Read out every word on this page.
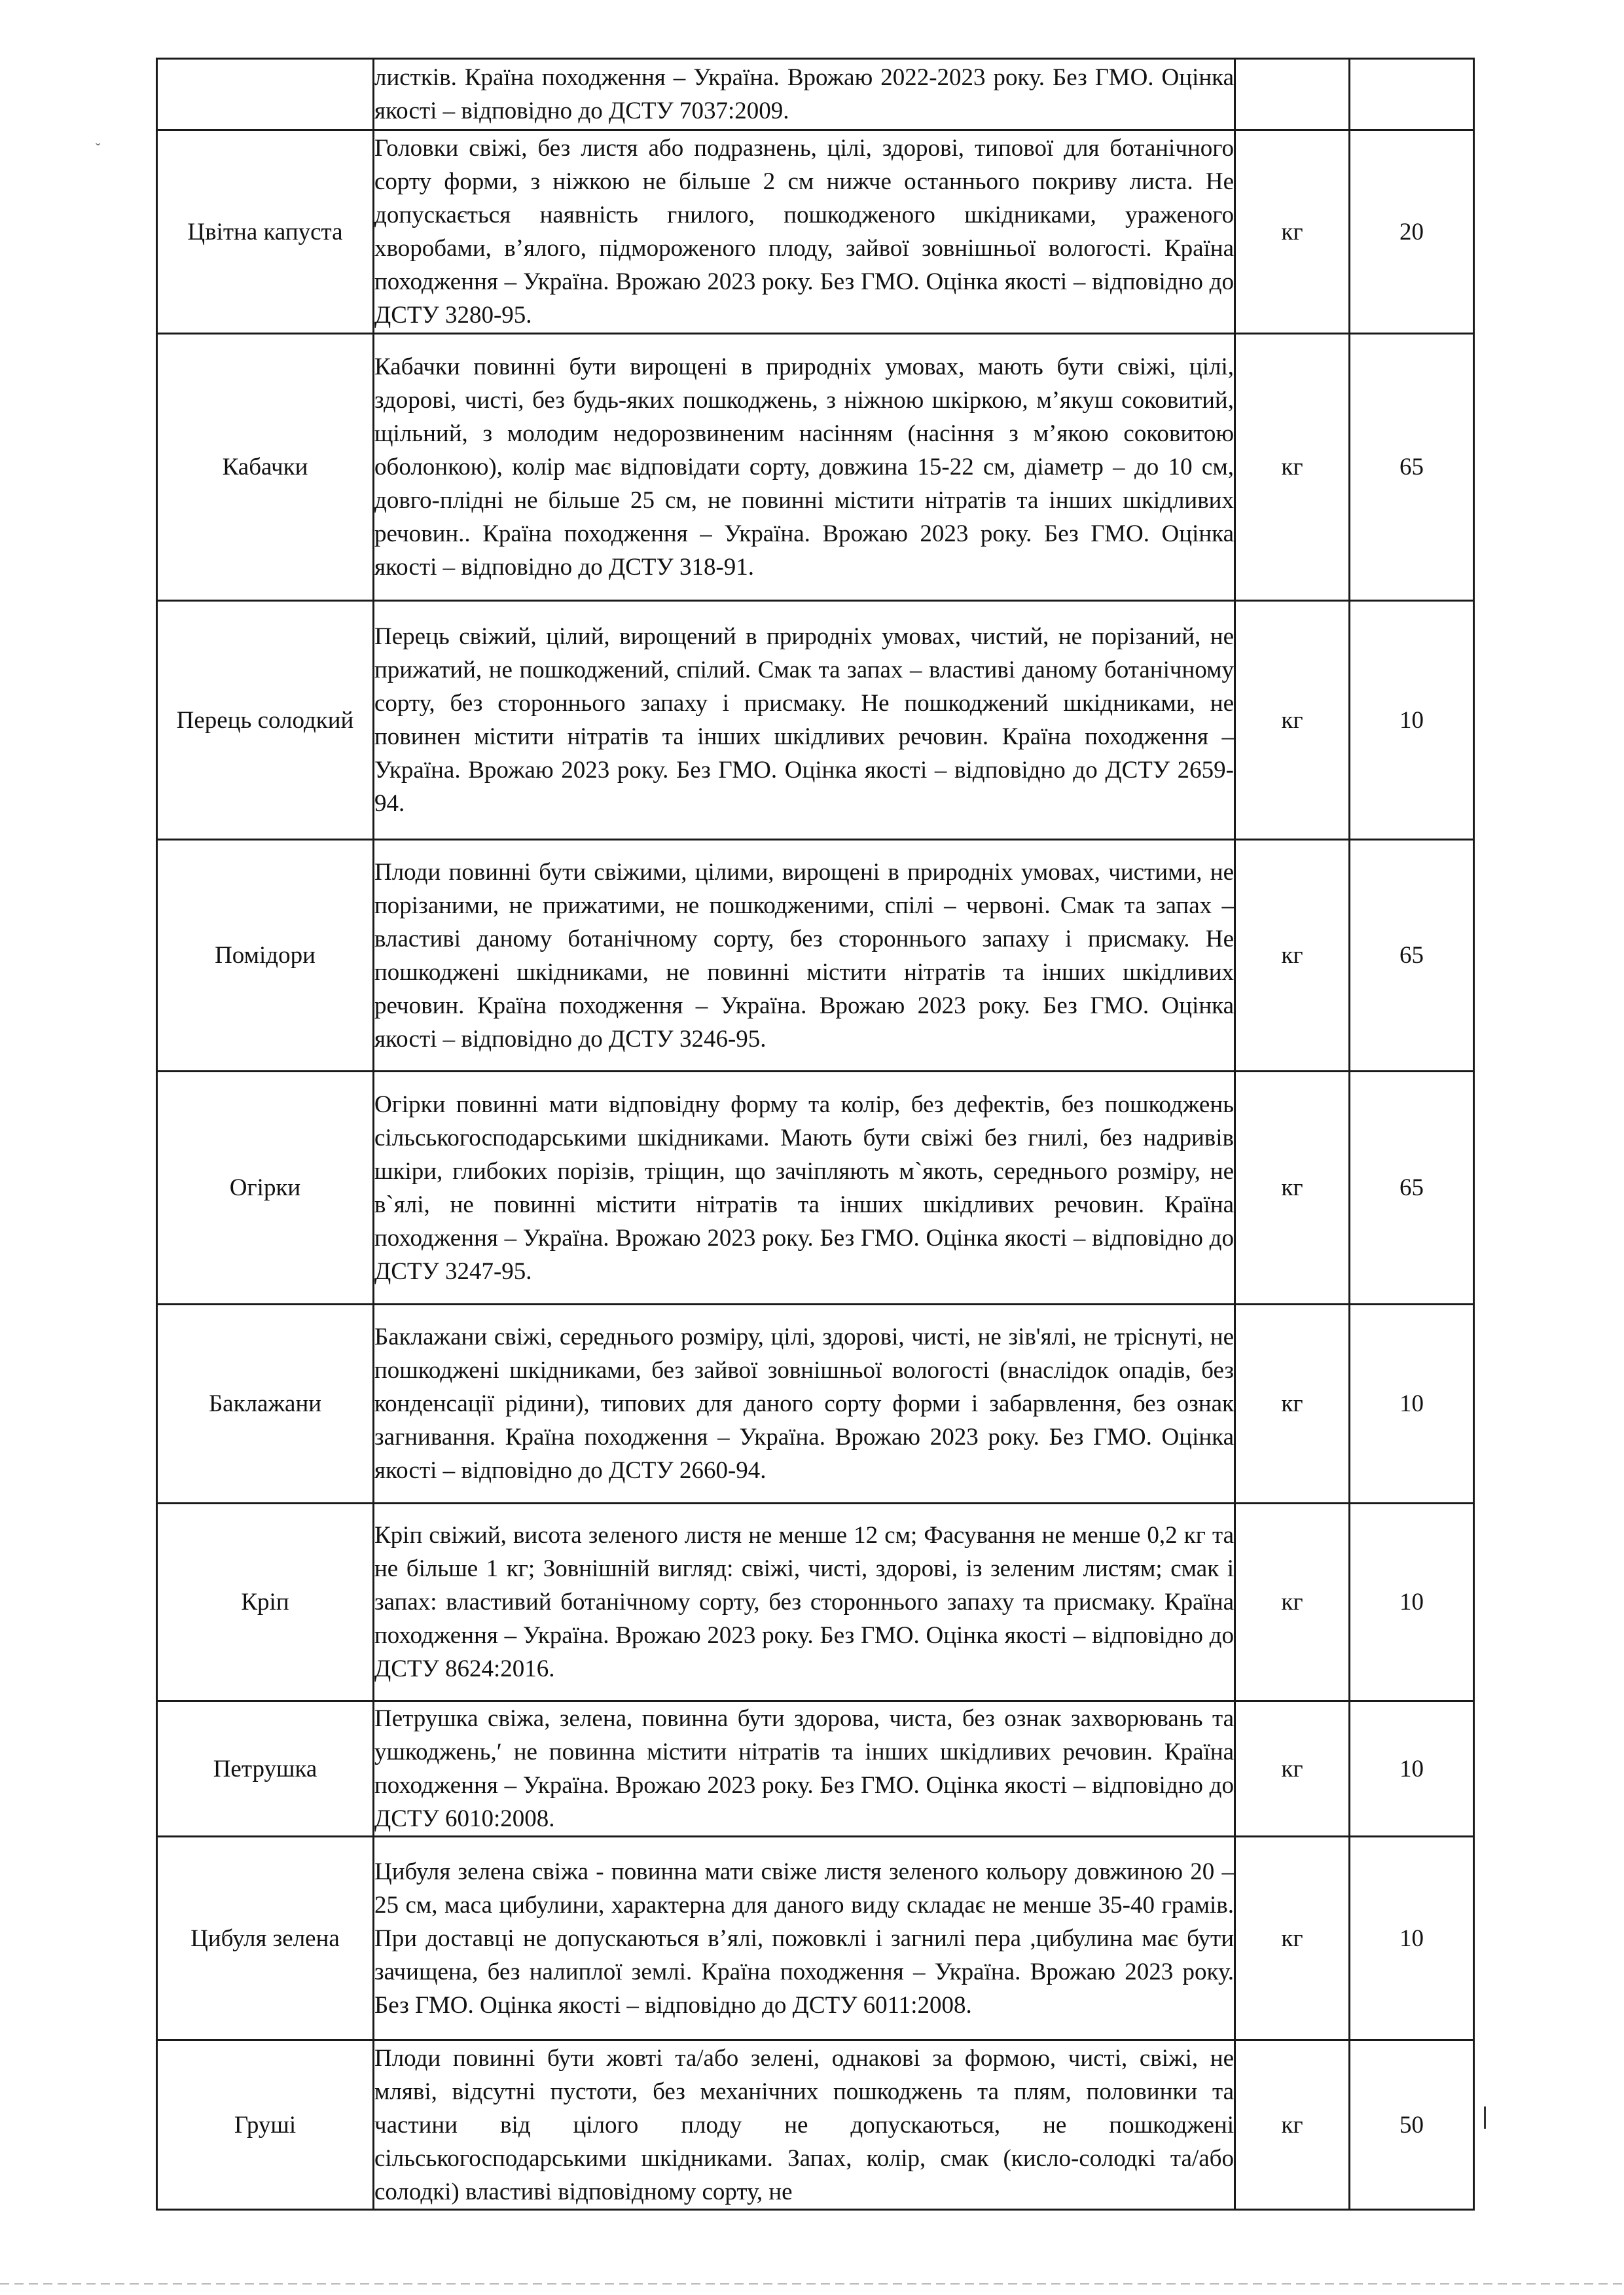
	листків. Країна походження – Україна. Врожаю 2022-2023 року. Без ГМО. Оцінка якості – відповідно до ДСТУ 7037:2009.		
Цвітна капуста	Головки свіжі, без листя або подразнень, цілі, здорові, типової для ботанічного сорту форми, з ніжкою не більше 2 см нижче останнього покриву листа. Не допускається наявність гнилого, пошкодженого шкідниками, ураженого хворобами, в’ялого, підмороженого плоду, зайвої зовнішньої вологості. Країна походження – Україна. Врожаю 2023 року. Без ГМО. Оцінка якості – відповідно до ДСТУ 3280-95.	кг	20
Кабачки	Кабачки повинні бути вирощені в природніх умовах, мають бути свіжі, цілі, здорові, чисті, без будь-яких пошкоджень, з ніжною шкіркою, м’якуш соковитий, щільний, з молодим недорозвиненим насінням (насіння з м’якою соковитою оболонкою), колір має відповідати сорту, довжина 15-22 см, діаметр – до 10 см, довго-плідні не більше 25 см, не повинні містити нітратів та інших шкідливих речовин.. Країна походження – Україна. Врожаю 2023 року. Без ГМО. Оцінка якості – відповідно до ДСТУ 318-91.	кг	65
Перець солодкий	Перець свіжий, цілий, вирощений в природніх умовах, чистий, не порізаний, не прижатий, не пошкоджений, спілий. Смак та запах – властиві даному ботанічному сорту, без стороннього запаху і присмаку. Не пошкоджений шкідниками, не повинен містити нітратів та інших шкідливих речовин. Країна походження – Україна. Врожаю 2023 року. Без ГМО. Оцінка якості – відповідно до ДСТУ 2659-94.	кг	10
Помідори	Плоди повинні бути свіжими, цілими, вирощені в природніх умовах, чистими, не порізаними, не прижатими, не пошкодженими, спілі – червоні. Смак та запах – властиві даному ботанічному сорту, без стороннього запаху і присмаку. Не пошкоджені шкідниками, не повинні містити нітратів та інших шкідливих речовин. Країна походження – Україна. Врожаю 2023 року. Без ГМО. Оцінка якості – відповідно до ДСТУ 3246-95.	кг	65
Огірки	Огірки повинні мати відповідну форму та колір, без дефектів, без пошкоджень сільськогосподарськими шкідниками. Мають бути свіжі без гнилі, без надривів шкіри, глибоких порізів, тріщин, що зачіпляють м`якоть, середнього розміру, не в`ялі, не повинні містити нітратів та інших шкідливих речовин. Країна походження – Україна. Врожаю 2023 року. Без ГМО. Оцінка якості – відповідно до ДСТУ 3247-95.	кг	65
Баклажани	Баклажани свіжі, середнього розміру, цілі, здорові, чисті, не зів'ялі, не тріснуті, не пошкоджені шкідниками, без зайвої зовнішньої вологості (внаслідок опадів, без конденсації рідини), типових для даного сорту форми і забарвлення, без ознак загнивання. Країна походження – Україна. Врожаю 2023 року. Без ГМО. Оцінка якості – відповідно до ДСТУ 2660-94.	кг	10
Кріп	Кріп свіжий, висота зеленого листя не менше 12 см; Фасування не менше 0,2 кг та не більше 1 кг; Зовнішній вигляд: свіжі, чисті, здорові, із зеленим листям; смак і запах: властивий ботанічному сорту, без стороннього запаху та присмаку. Країна походження – Україна. Врожаю 2023 року. Без ГМО. Оцінка якості – відповідно до ДСТУ 8624:2016.	кг	10
Петрушка	Петрушка свіжа, зелена, повинна бути здорова, чиста, без ознак захворювань та ушкоджень,ʹ не повинна містити нітратів та інших шкідливих речовин. Країна походження – Україна. Врожаю 2023 року. Без ГМО. Оцінка якості – відповідно до ДСТУ 6010:2008.	кг	10
Цибуля зелена	Цибуля зелена свіжа - повинна мати свіже листя зеленого кольору довжиною 20 – 25 см, маса цибулини, характерна для даного виду складає не менше 35-40 грамів. При доставці не допускаються в’ялі, пожовклі і загнилі пера ,цибулина має бути зачищена, без налиплої землі. Країна походження – Україна. Врожаю 2023 року. Без ГМО. Оцінка якості – відповідно до ДСТУ 6011:2008.	кг	10
Груші	Плоди повинні бути жовті та/або зелені, однакові за формою, чисті, свіжі, не мляві, відсутні пустоти, без механічних пошкоджень та плям, половинки та частини від цілого плоду не допускаються, не пошкоджені сільськогосподарськими шкідниками. Запах, колір, смак (кисло-солодкі та/або солодкі) властиві відповідному сорту, не	кг	50
ˇ
